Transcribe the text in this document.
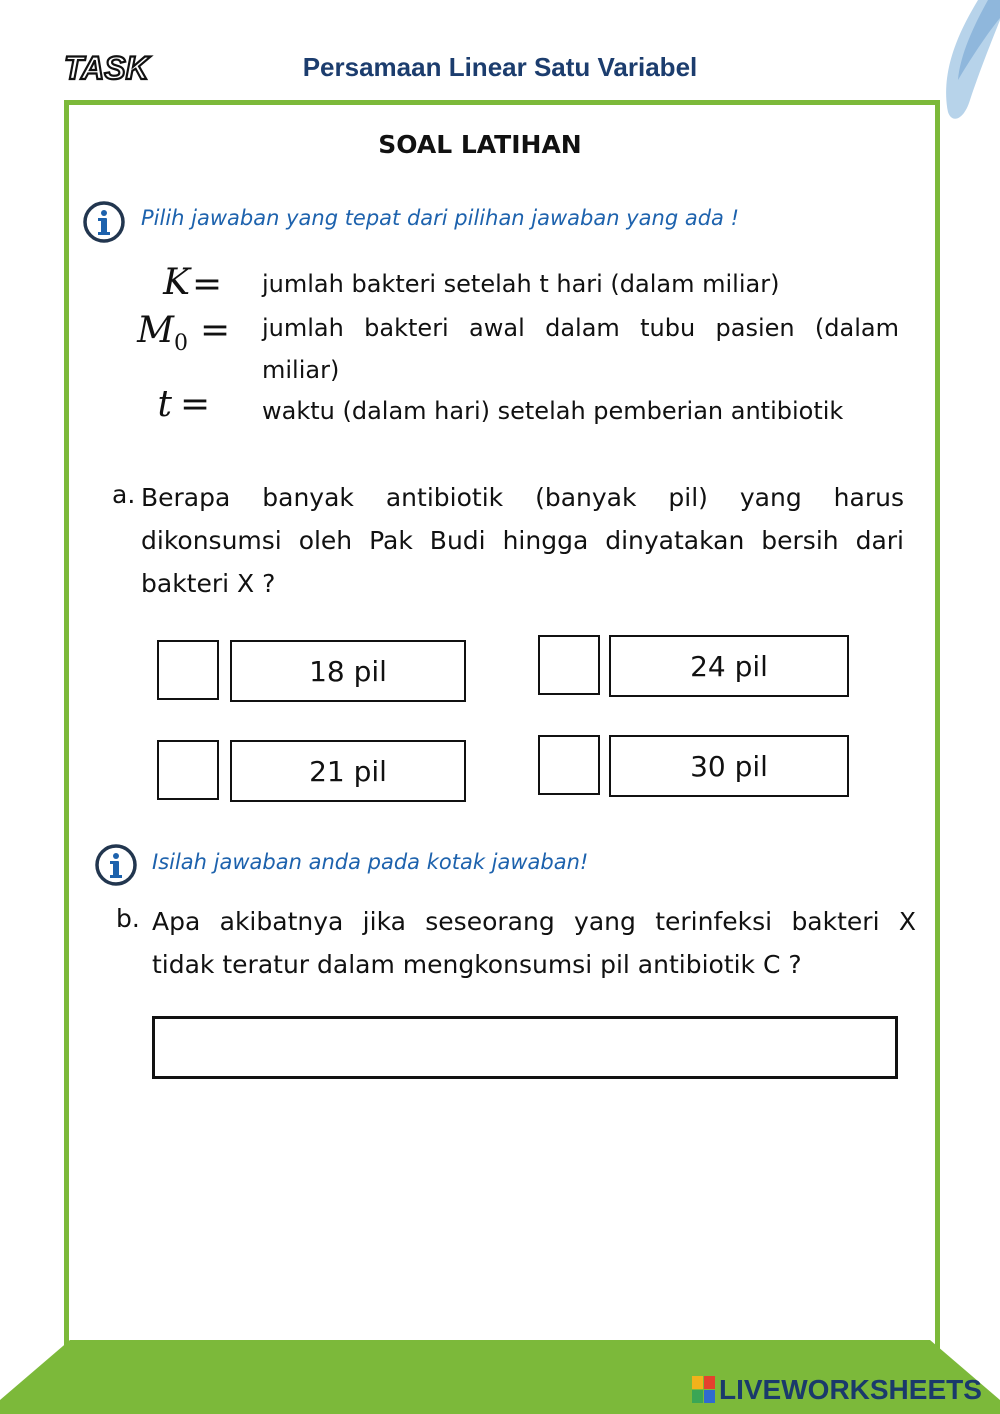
TASK	Persamaan Linear Satu Variabel
SOAL LATIHAN
Pilih jawaban yang tepat dari pilihan jawaban yang ada !
K = jumlah bakteri setelah t hari (dalam miliar)
$M_0$ = jumlah bakteri awal dalam tubu pasien (dalam
miliar)
t = waktu (dalam hari) setelah pemberian antibiotik
a. Berapa banyak antibiotik (banyak pil) yang harus
dikonsumsi oleh Pak Budi hingga dinyatakan bersih dari
bakteri X ?
18 pil	24 pil
21 pil	30 pil
Isilah jawaban anda pada kotak jawaban!
b. Apa akibatnya jika seseorang yang terinfeksi bakteri X
tidak teratur dalam mengkonsumsi pil antibiotik C ?
LIVEWORKSHEETS
